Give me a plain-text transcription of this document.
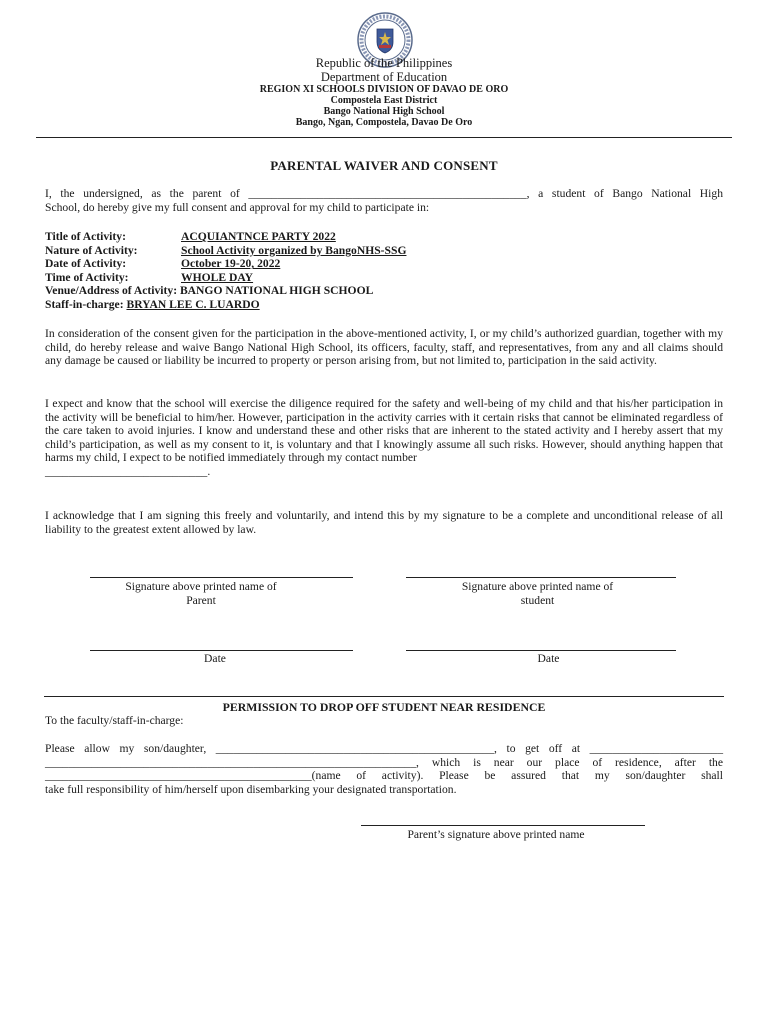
Republic of the Philippines
Department of Education
REGION XI SCHOOLS DIVISION OF DAVAO DE ORO
Compostela East District
Bango National High School
Bango, Ngan, Compostela, Davao De Oro
PARENTAL WAIVER AND CONSENT
I, the undersigned, as the parent of ________________________________________________, a student of Bango National High
School, do hereby give my full consent and approval for my child to participate in:
Title of Activity:	ACQUIANTNCE PARTY 2022
Nature of Activity:	School Activity organized by BangoNHS-SSG
Date of Activity:	October 19-20, 2022
Time of Activity:	WHOLE DAY
Venue/Address of Activity: BANGO NATIONAL HIGH SCHOOL
Staff-in-charge: BRYAN LEE C. LUARDO
In consideration of the consent given for the participation in the above-mentioned activity, I, or my child’s authorized guardian, together with my child, do hereby release and waive Bango National High School, its officers, faculty, staff, and representatives, from any and all claims should any damage be caused or liability be incurred to property or person arising from, but not limited to, participation in the said activity.
I expect and know that the school will exercise the diligence required for the safety and well-being of my child and that his/her participation in the activity will be beneficial to him/her. However, participation in the activity carries with it certain risks that cannot be eliminated regardless of the care taken to avoid injuries. I know and understand these and other risks that are inherent to the stated activity and I hereby assert that my child’s participation, as well as my consent to it, is voluntary and that I knowingly assume all such risks. However, should anything happen that harms my child, I expect to be notified immediately through my contact number
____________________________.
I acknowledge that I am signing this freely and voluntarily, and intend this by my signature to be a complete and unconditional release of all liability to the greatest extent allowed by law.
Signature above printed name of
Parent
Signature above printed name of
student
Date	Date
PERMISSION TO DROP OFF STUDENT NEAR RESIDENCE
To the faculty/staff-in-charge:
Please allow my son/daughter, ________________________________________________, to get off at _______________________
________________________________________________________________, which is near our place of residence, after the
______________________________________________(name of activity). Please be assured that my son/daughter shall
take full responsibility of him/herself upon disembarking your designated transportation.
Parent’s signature above printed name
